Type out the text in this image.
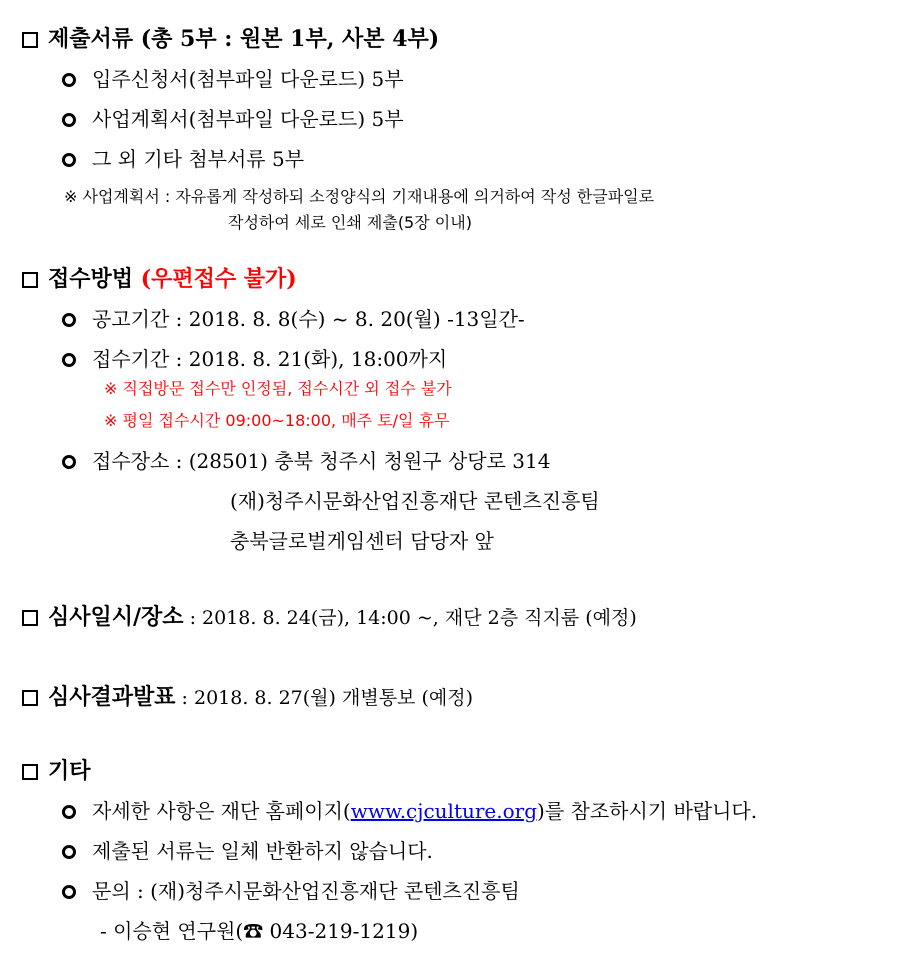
제출서류 (총 5부 : 원본 1부, 사본 4부)
입주신청서(첨부파일 다운로드) 5부
사업계획서(첨부파일 다운로드) 5부
그 외 기타 첨부서류 5부
※ 사업계획서 : 자유롭게 작성하되 소정양식의 기재내용에 의거하여 작성 한글파일로
작성하여 세로 인쇄 제출(5장 이내)
접수방법 (우편접수 불가)
공고기간 : 2018. 8. 8(수) ~ 8. 20(월) -13일간-
접수기간 : 2018. 8. 21(화), 18:00까지
※ 직접방문 접수만 인정됨, 접수시간 외 접수 불가
※ 평일 접수시간 09:00~18:00, 매주 토/일 휴무
접수장소 : (28501) 충북 청주시 청원구 상당로 314
(재)청주시문화산업진흥재단 콘텐츠진흥팀
충북글로벌게임센터 담당자 앞
심사일시/장소 : 2018. 8. 24(금), 14:00 ~, 재단 2층 직지룸 (예정)
심사결과발표 : 2018. 8. 27(월) 개별통보 (예정)
기타
자세한 사항은 재단 홈페이지(www.cjculture.org)를 참조하시기 바랍니다.
제출된 서류는 일체 반환하지 않습니다.
문의 : (재)청주시문화산업진흥재단 콘텐츠진흥팀
- 이승현 연구원(☎ 043-219-1219)
